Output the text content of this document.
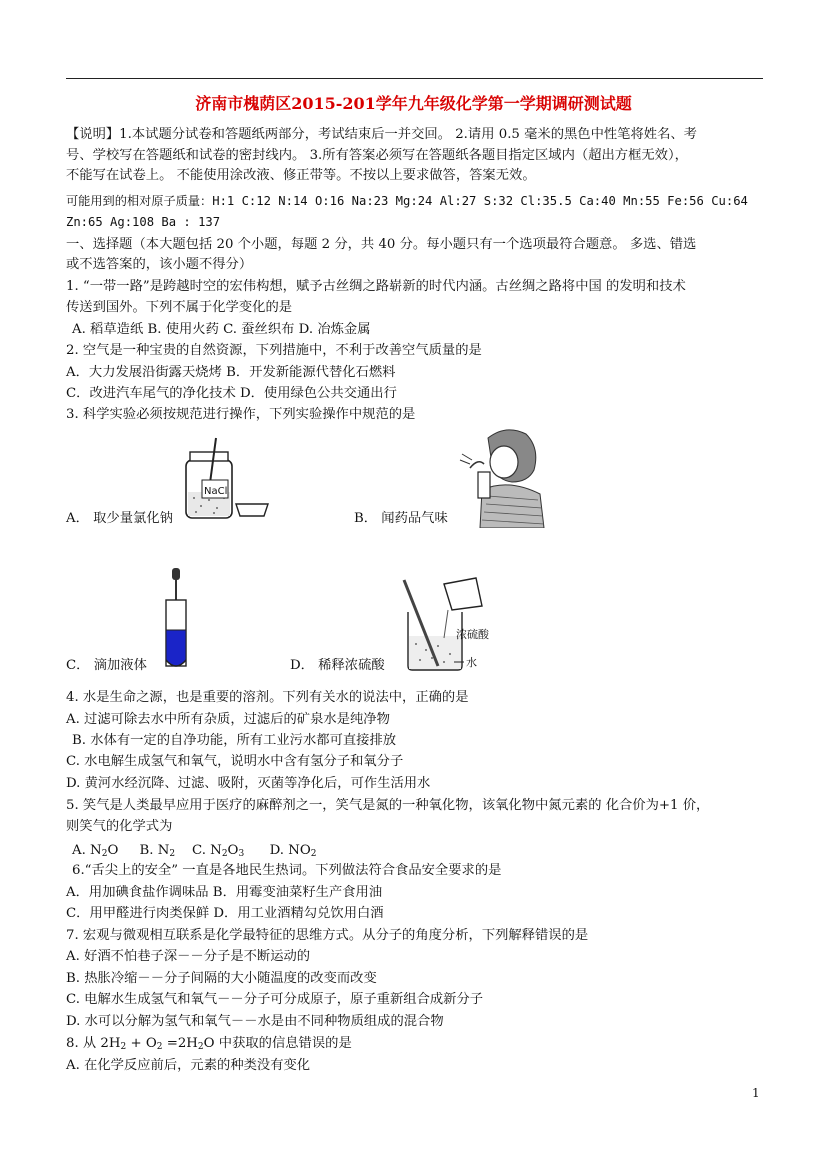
济南市槐荫区2015-201学年九年级化学第一学期调研测试题
【说明】1.本试题分试卷和答题纸两部分，考试结束后一并交回。 2.请用 0.5 毫米的黑色中性笔将姓名、考
号、学校写在答题纸和试卷的密封线内。 3.所有答案必须写在答题纸各题目指定区域内（超出方框无效），
不能写在试卷上。 不能使用涂改液、修正带等。不按以上要求做答，答案无效。
可能用到的相对原子质量：H:1 C:12 N:14 O:16 Na:23 Mg:24 Al:27 S:32 Cl:35.5 Ca:40 Mn:55 Fe:56 Cu:64
Zn:65 Ag:108 Ba : 137
一、选择题（本大题包括 20 个小题，每题 2 分，共 40 分。每小题只有一个选项最符合题意。 多选、错选
或不选答案的，该小题不得分）
1. “一带一路”是跨越时空的宏伟构想，赋予古丝绸之路崭新的时代内涵。古丝绸之路将中国 的发明和技术
传送到国外。下列不属于化学变化的是
A. 稻草造纸 B. 使用火药 C. 蚕丝织布 D. 冶炼金属
2. 空气是一种宝贵的自然资源，下列措施中，不利于改善空气质量的是
A．大力发展沿街露天烧烤 B．开发新能源代替化石燃料
C．改进汽车尾气的净化技术 D．使用绿色公共交通出行
3. 科学实验必须按规范进行操作，下列实验操作中规范的是
NaCl
A． 取少量氯化钠	B． 闻药品气味
浓硫酸
水
C． 滴加液体	D． 稀释浓硫酸
4. 水是生命之源，也是重要的溶剂。下列有关水的说法中，正确的是
A. 过滤可除去水中所有杂质，过滤后的矿泉水是纯净物
B. 水体有一定的自净功能，所有工业污水都可直接排放
C. 水电解生成氢气和氧气，说明水中含有氢分子和氧分子
D. 黄河水经沉降、过滤、吸附，灭菌等净化后，可作生活用水
5. 笑气是人类最早应用于医疗的麻醉剂之一，笑气是氮的一种氧化物，该氧化物中氮元素的 化合价为+1 价，
则笑气的化学式为
A. $N_2O$ B. $N_2$ C. $N_2O_3$ D. $NO_2$
6.“舌尖上的安全” 一直是各地民生热词。下列做法符合食品安全要求的是
A．用加碘食盐作调味品 B．用霉变油菜籽生产食用油
C．用甲醛进行肉类保鲜 D．用工业酒精勾兑饮用白酒
7. 宏观与微观相互联系是化学最特征的思维方式。从分子的角度分析，下列解释错误的是
A. 好酒不怕巷子深－－分子是不断运动的
B. 热胀冷缩－－分子间隔的大小随温度的改变而改变
C. 电解水生成氢气和氧气－－分子可分成原子，原子重新组合成新分子
D. 水可以分解为氢气和氧气－－水是由不同种物质组成的混合物
8. 从 $2H_2 + O_2 =2H_2O$ 中获取的信息错误的是
A. 在化学反应前后，元素的种类没有变化
1
